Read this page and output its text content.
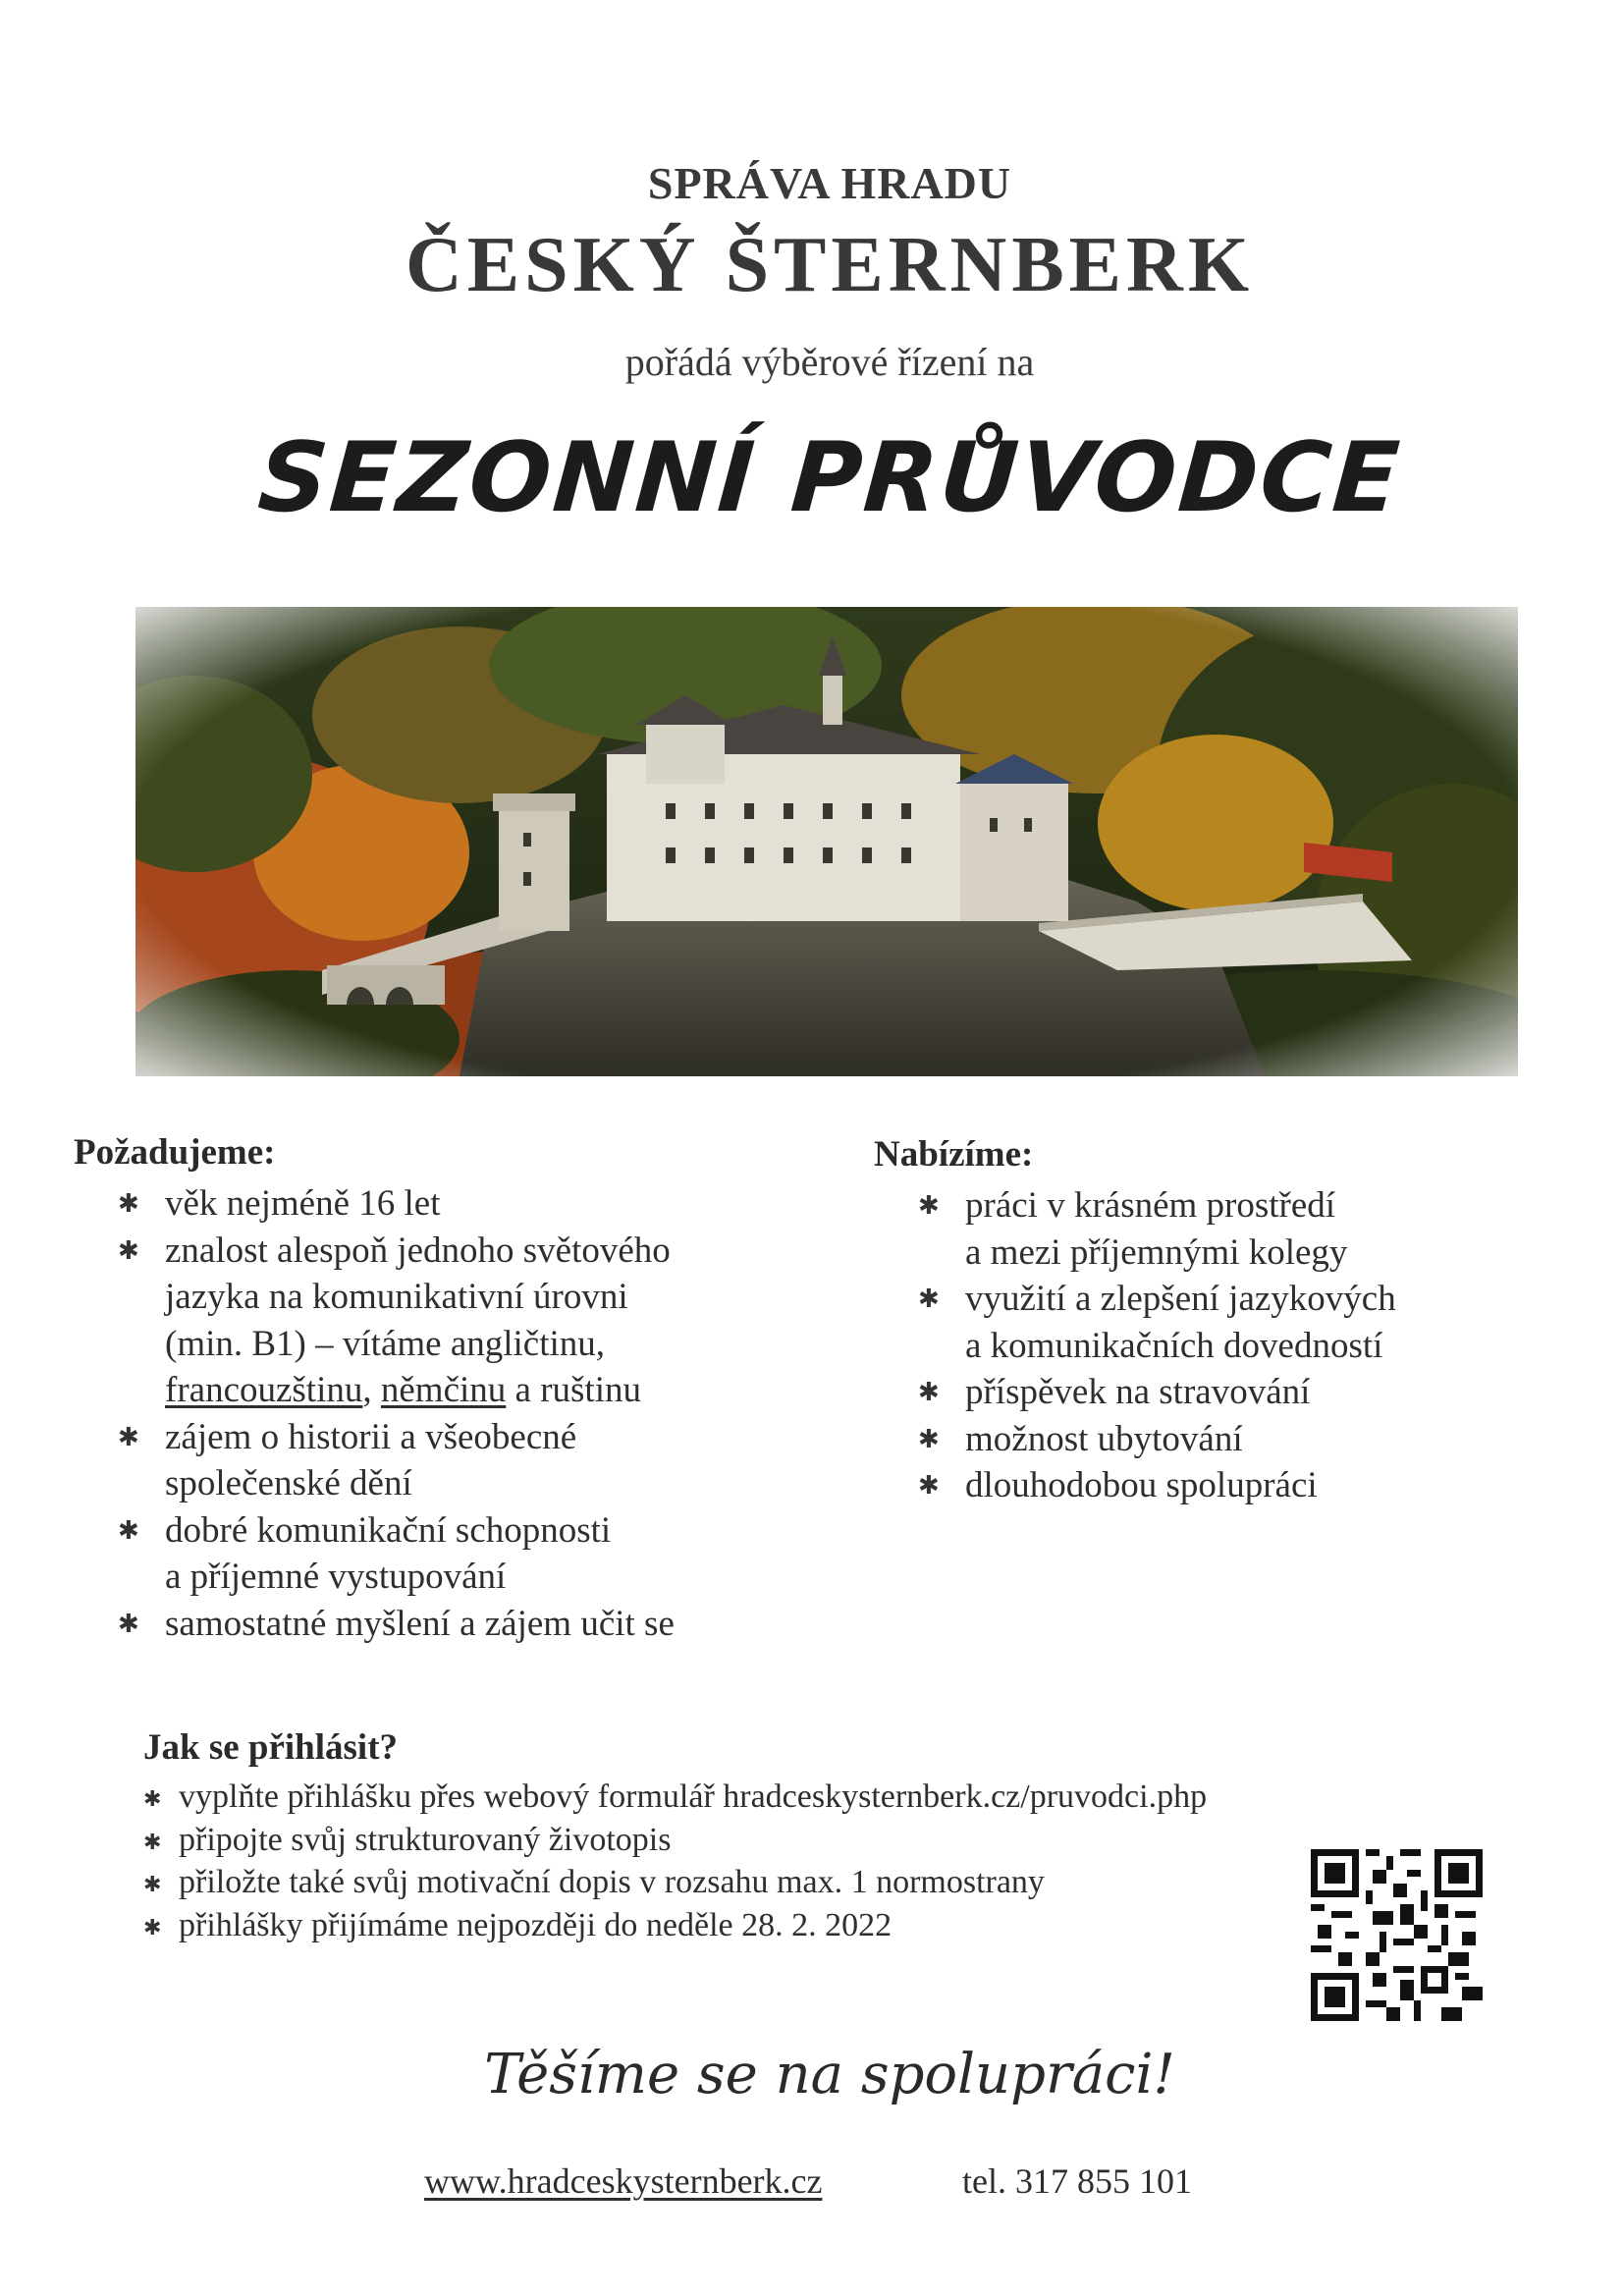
SPRÁVA HRADU
ČESKÝ ŠTERNBERK
pořádá výběrové řízení na
SEZONNÍ PRŮVODCE
Požadujeme:
✱ věk nejméně 16 let
✱ znalost alespoň jednoho světového
jazyka na komunikativní úrovni
(min. B1) – vítáme angličtinu,
francouzštinu, němčinu a ruštinu
✱ zájem o historii a všeobecné
společenské dění
✱ dobré komunikační schopnosti
a příjemné vystupování
✱ samostatné myšlení a zájem učit se
Nabízíme:
✱ práci v krásném prostředí
a mezi příjemnými kolegy
✱ využití a zlepšení jazykových
a komunikačních dovedností
✱ příspěvek na stravování
✱ možnost ubytování
✱ dlouhodobou spolupráci
Jak se přihlásit?
✱ vyplňte přihlášku přes webový formulář hradceskysternberk.cz/pruvodci.php
✱ připojte svůj strukturovaný životopis
✱ přiložte také svůj motivační dopis v rozsahu max. 1 normostrany
✱ přihlášky přijímáme nejpozději do neděle 28. 2. 2022
Těšíme se na spolupráci!
www.hradceskysternberk.cz	tel. 317 855 101
